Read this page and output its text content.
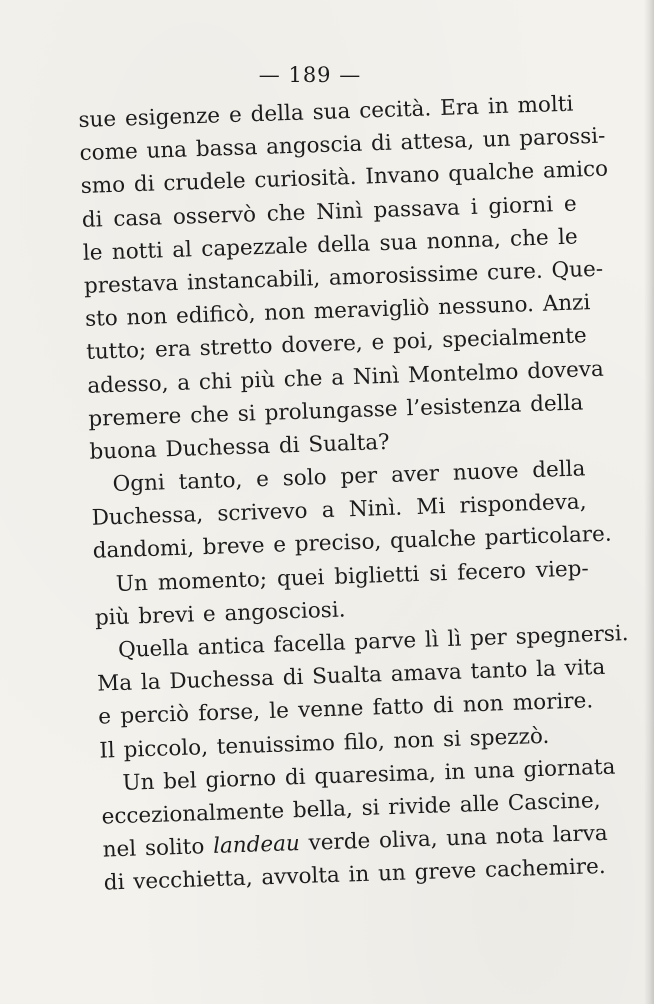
— 189 —
sue esigenze e della sua cecità. Era in molti
come una bassa angoscia di attesa, un parossi-
smo di crudele curiosità. Invano qualche amico
di casa osservò che Ninì passava i giorni e
le notti al capezzale della sua nonna, che le
prestava instancabili, amorosissime cure. Que-
sto non edificò, non meravigliò nessuno. Anzi
tutto; era stretto dovere, e poi, specialmente
adesso, a chi più che a Ninì Montelmo doveva
premere che si prolungasse l’esistenza della
buona Duchessa di Sualta?
Ogni tanto, e solo per aver nuove della
Duchessa, scrivevo a Ninì. Mi rispondeva,
dandomi, breve e preciso, qualche particolare.
Un momento; quei biglietti si fecero viep-
più brevi e angosciosi.
Quella antica facella parve lì lì per spegnersi.
Ma la Duchessa di Sualta amava tanto la vita
e perciò forse, le venne fatto di non morire.
Il piccolo, tenuissimo filo, non si spezzò.
Un bel giorno di quaresima, in una giornata
eccezionalmente bella, si rivide alle Cascine,
nel solito landeau verde oliva, una nota larva
di vecchietta, avvolta in un greve cachemire.
